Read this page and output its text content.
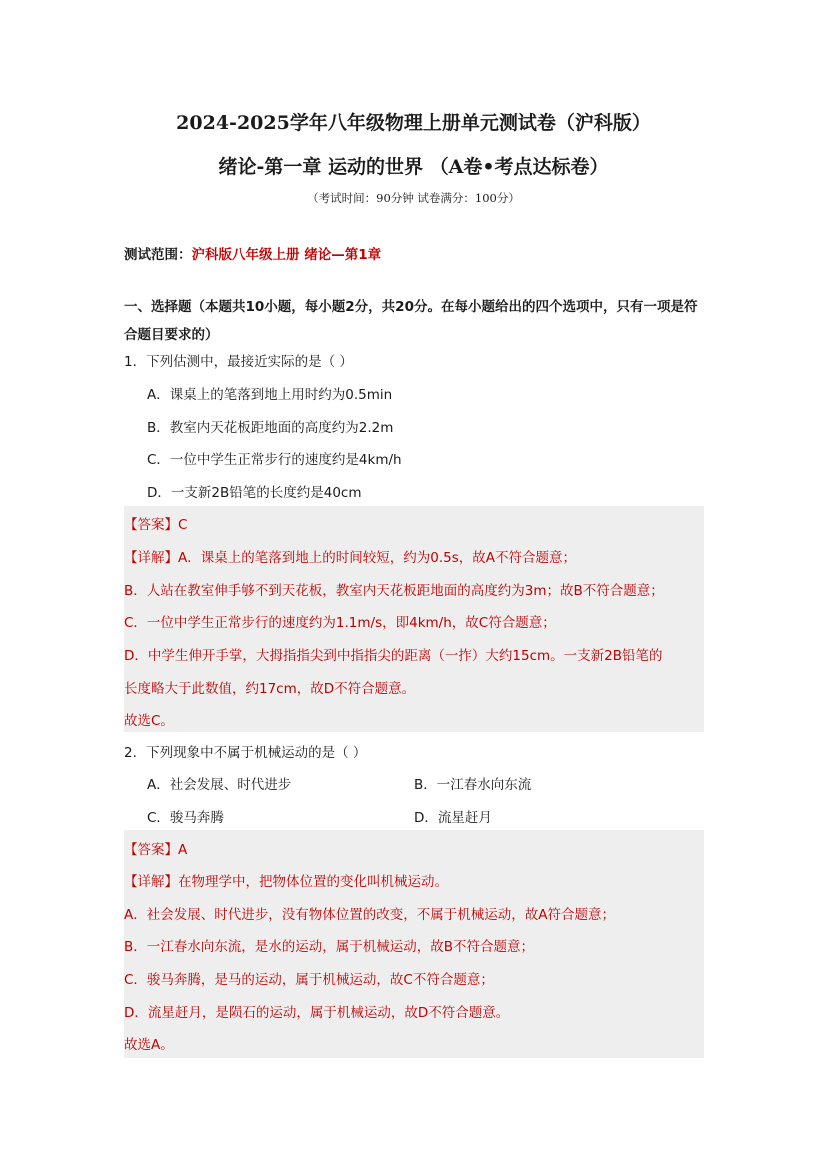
2024-2025学年八年级物理上册单元测试卷（沪科版）
绪论-第一章 运动的世界 （A卷•考点达标卷）
（考试时间：90分钟 试卷满分：100分）
测试范围：沪科版八年级上册 绪论—第1章
一、选择题（本题共10小题，每小题2分，共20分。在每小题给出的四个选项中，只有一项是符合题目要求的）
1．下列估测中，最接近实际的是（ ）
A．课桌上的笔落到地上用时约为0.5min
B．教室内天花板距地面的高度约为2.2m
C．一位中学生正常步行的速度约是4km/h
D．一支新2B铅笔的长度约是40cm
【答案】C
【详解】A．课桌上的笔落到地上的时间较短，约为0.5s，故A不符合题意；
B．人站在教室伸手够不到天花板，教室内天花板距地面的高度约为3m；故B不符合题意；
C．一位中学生正常步行的速度约为1.1m/s，即4km/h，故C符合题意；
D．中学生伸开手掌，大拇指指尖到中指指尖的距离（一拃）大约15cm。一支新2B铅笔的
长度略大于此数值，约17cm，故D不符合题意。
故选C。
2．下列现象中不属于机械运动的是（ ）
A．社会发展、时代进步	B．一江春水向东流
C．骏马奔腾	D．流星赶月
【答案】A
【详解】在物理学中，把物体位置的变化叫机械运动。
A．社会发展、时代进步，没有物体位置的改变，不属于机械运动，故A符合题意；
B．一江春水向东流，是水的运动，属于机械运动，故B不符合题意；
C．骏马奔腾，是马的运动，属于机械运动，故C不符合题意；
D．流星赶月，是陨石的运动，属于机械运动，故D不符合题意。
故选A。
